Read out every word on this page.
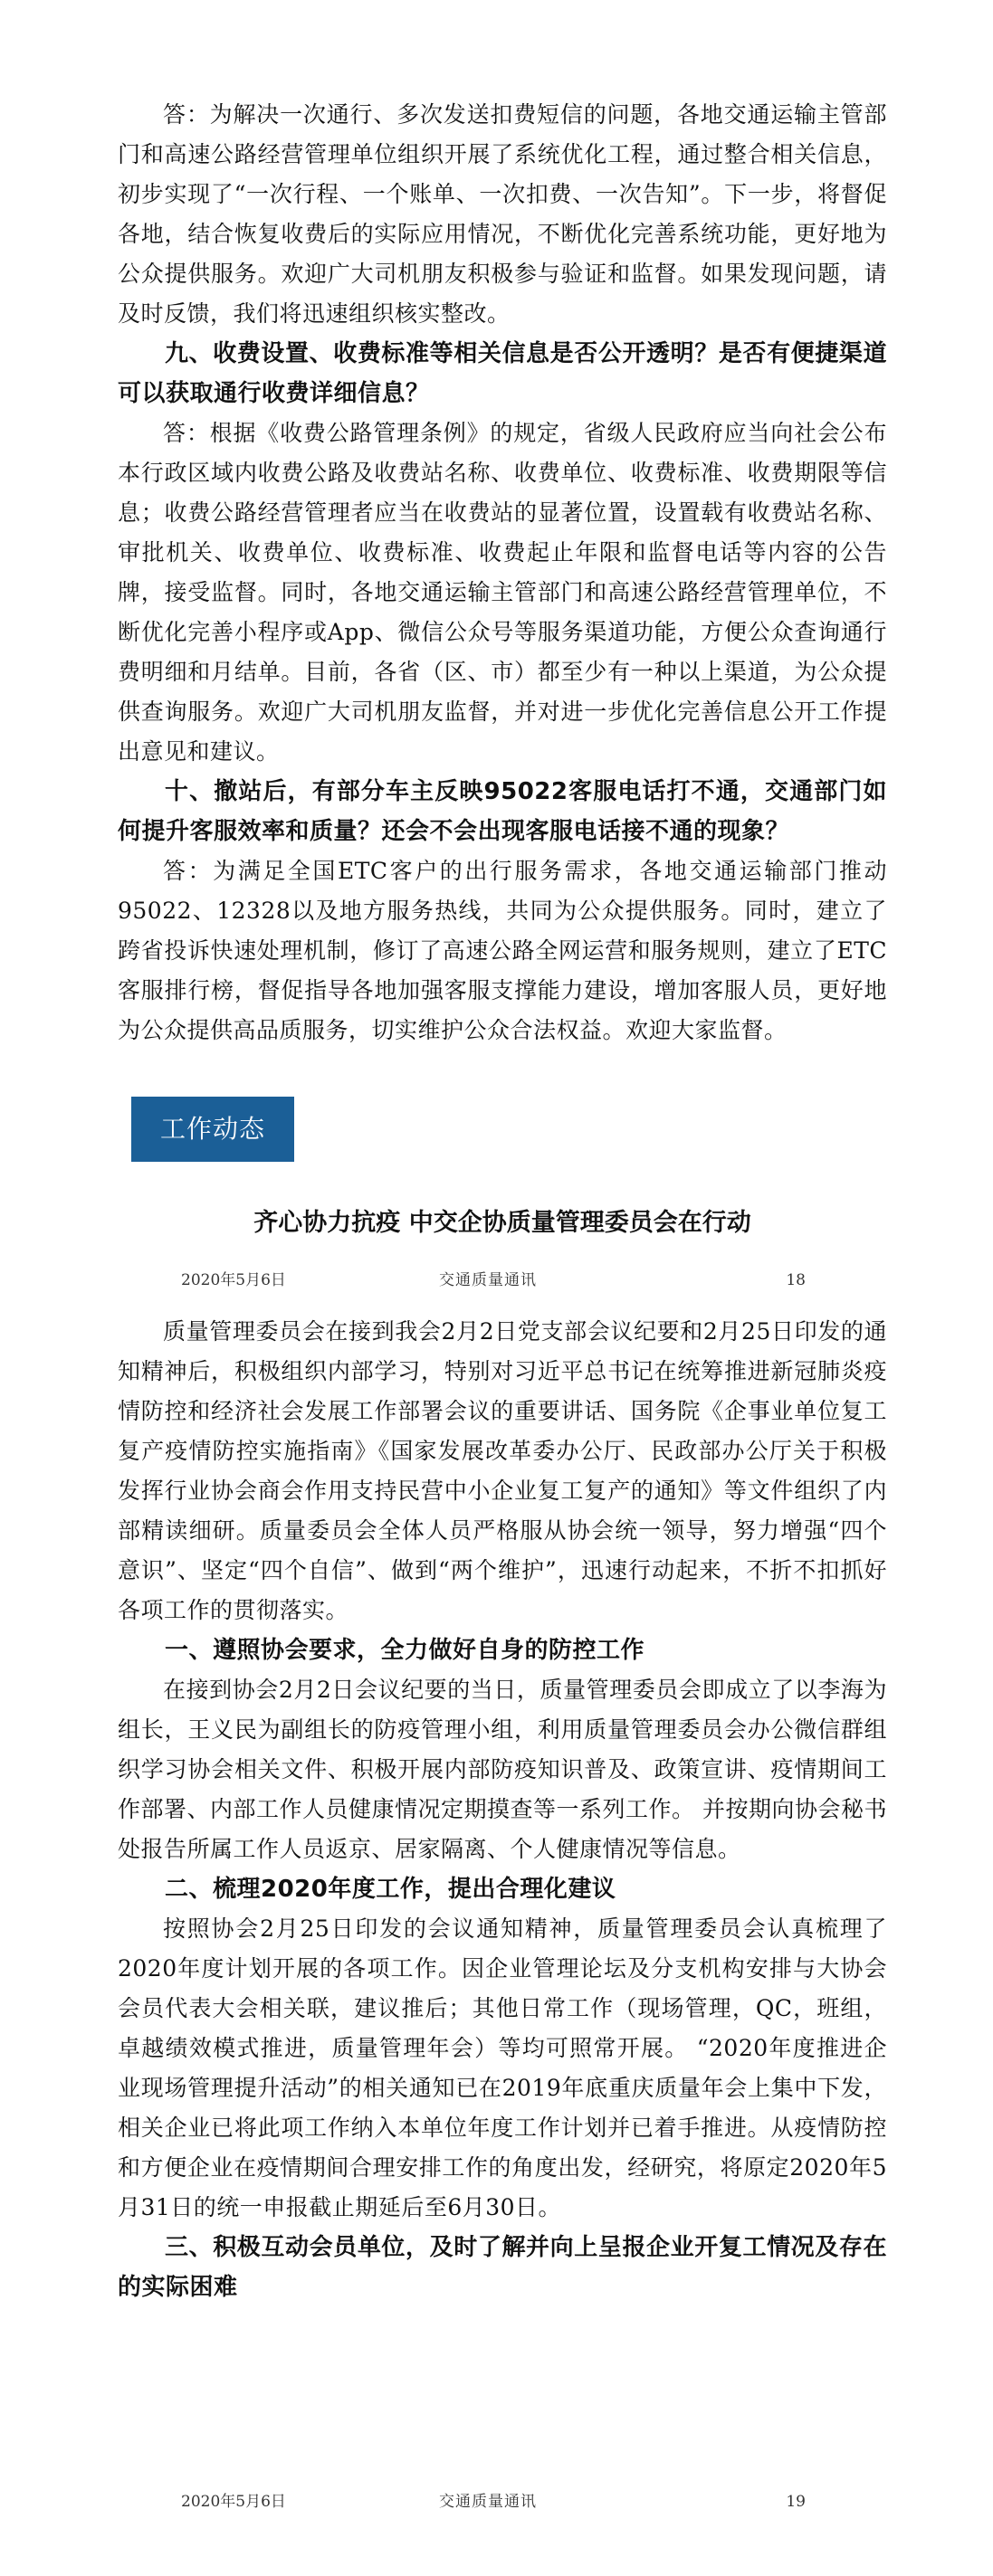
答：为解决一次通行、多次发送扣费短信的问题，各地交通运输主管部门和高速公路经营管理单位组织开展了系统优化工程，通过整合相关信息，初步实现了“一次行程、一个账单、一次扣费、一次告知”。下一步，将督促各地，结合恢复收费后的实际应用情况，不断优化完善系统功能，更好地为公众提供服务。欢迎广大司机朋友积极参与验证和监督。如果发现问题，请及时反馈，我们将迅速组织核实整改。

九、收费设置、收费标准等相关信息是否公开透明？是否有便捷渠道可以获取通行收费详细信息？

答：根据《收费公路管理条例》的规定，省级人民政府应当向社会公布本行政区域内收费公路及收费站名称、收费单位、收费标准、收费期限等信息；收费公路经营管理者应当在收费站的显著位置，设置载有收费站名称、审批机关、收费单位、收费标准、收费起止年限和监督电话等内容的公告牌，接受监督。同时，各地交通运输主管部门和高速公路经营管理单位，不断优化完善小程序或App、微信公众号等服务渠道功能，方便公众查询通行费明细和月结单。目前，各省（区、市）都至少有一种以上渠道，为公众提供查询服务。欢迎广大司机朋友监督，并对进一步优化完善信息公开工作提出意见和建议。

十、撤站后，有部分车主反映95022客服电话打不通，交通部门如何提升客服效率和质量？还会不会出现客服电话接不通的现象？

答：为满足全国ETC客户的出行服务需求，各地交通运输部门推动95022、12328以及地方服务热线，共同为公众提供服务。同时，建立了跨省投诉快速处理机制，修订了高速公路全网运营和服务规则，建立了ETC客服排行榜，督促指导各地加强客服支撑能力建设，增加客服人员，更好地为公众提供高品质服务，切实维护公众合法权益。欢迎大家监督。

工作动态
齐心协力抗疫 中交企协质量管理委员会在行动
2020年5月6日	交通质量通讯	18

质量管理委员会在接到我会2月2日党支部会议纪要和2月25日印发的通知精神后，积极组织内部学习，特别对习近平总书记在统筹推进新冠肺炎疫情防控和经济社会发展工作部署会议的重要讲话、国务院《企事业单位复工复产疫情防控实施指南》《国家发展改革委办公厅、民政部办公厅关于积极发挥行业协会商会作用支持民营中小企业复工复产的通知》等文件组织了内部精读细研。质量委员会全体人员严格服从协会统一领导，努力增强“四个意识”、坚定“四个自信”、做到“两个维护”，迅速行动起来，不折不扣抓好各项工作的贯彻落实。

一、遵照协会要求，全力做好自身的防控工作

在接到协会2月2日会议纪要的当日，质量管理委员会即成立了以李海为组长，王义民为副组长的防疫管理小组，利用质量管理委员会办公微信群组织学习协会相关文件、积极开展内部防疫知识普及、政策宣讲、疫情期间工作部署、内部工作人员健康情况定期摸查等一系列工作。 并按期向协会秘书处报告所属工作人员返京、居家隔离、个人健康情况等信息。

二、梳理2020年度工作，提出合理化建议

按照协会2月25日印发的会议通知精神，质量管理委员会认真梳理了2020年度计划开展的各项工作。因企业管理论坛及分支机构安排与大协会会员代表大会相关联，建议推后；其他日常工作（现场管理，QC，班组，卓越绩效模式推进，质量管理年会）等均可照常开展。 “2020年度推进企业现场管理提升活动”的相关通知已在2019年底重庆质量年会上集中下发，相关企业已将此项工作纳入本单位年度工作计划并已着手推进。从疫情防控和方便企业在疫情期间合理安排工作的角度出发，经研究，将原定2020年5月31日的统一申报截止期延后至6月30日。

三、积极互动会员单位，及时了解并向上呈报企业开复工情况及存在的实际困难

2020年5月6日	交通质量通讯	19
